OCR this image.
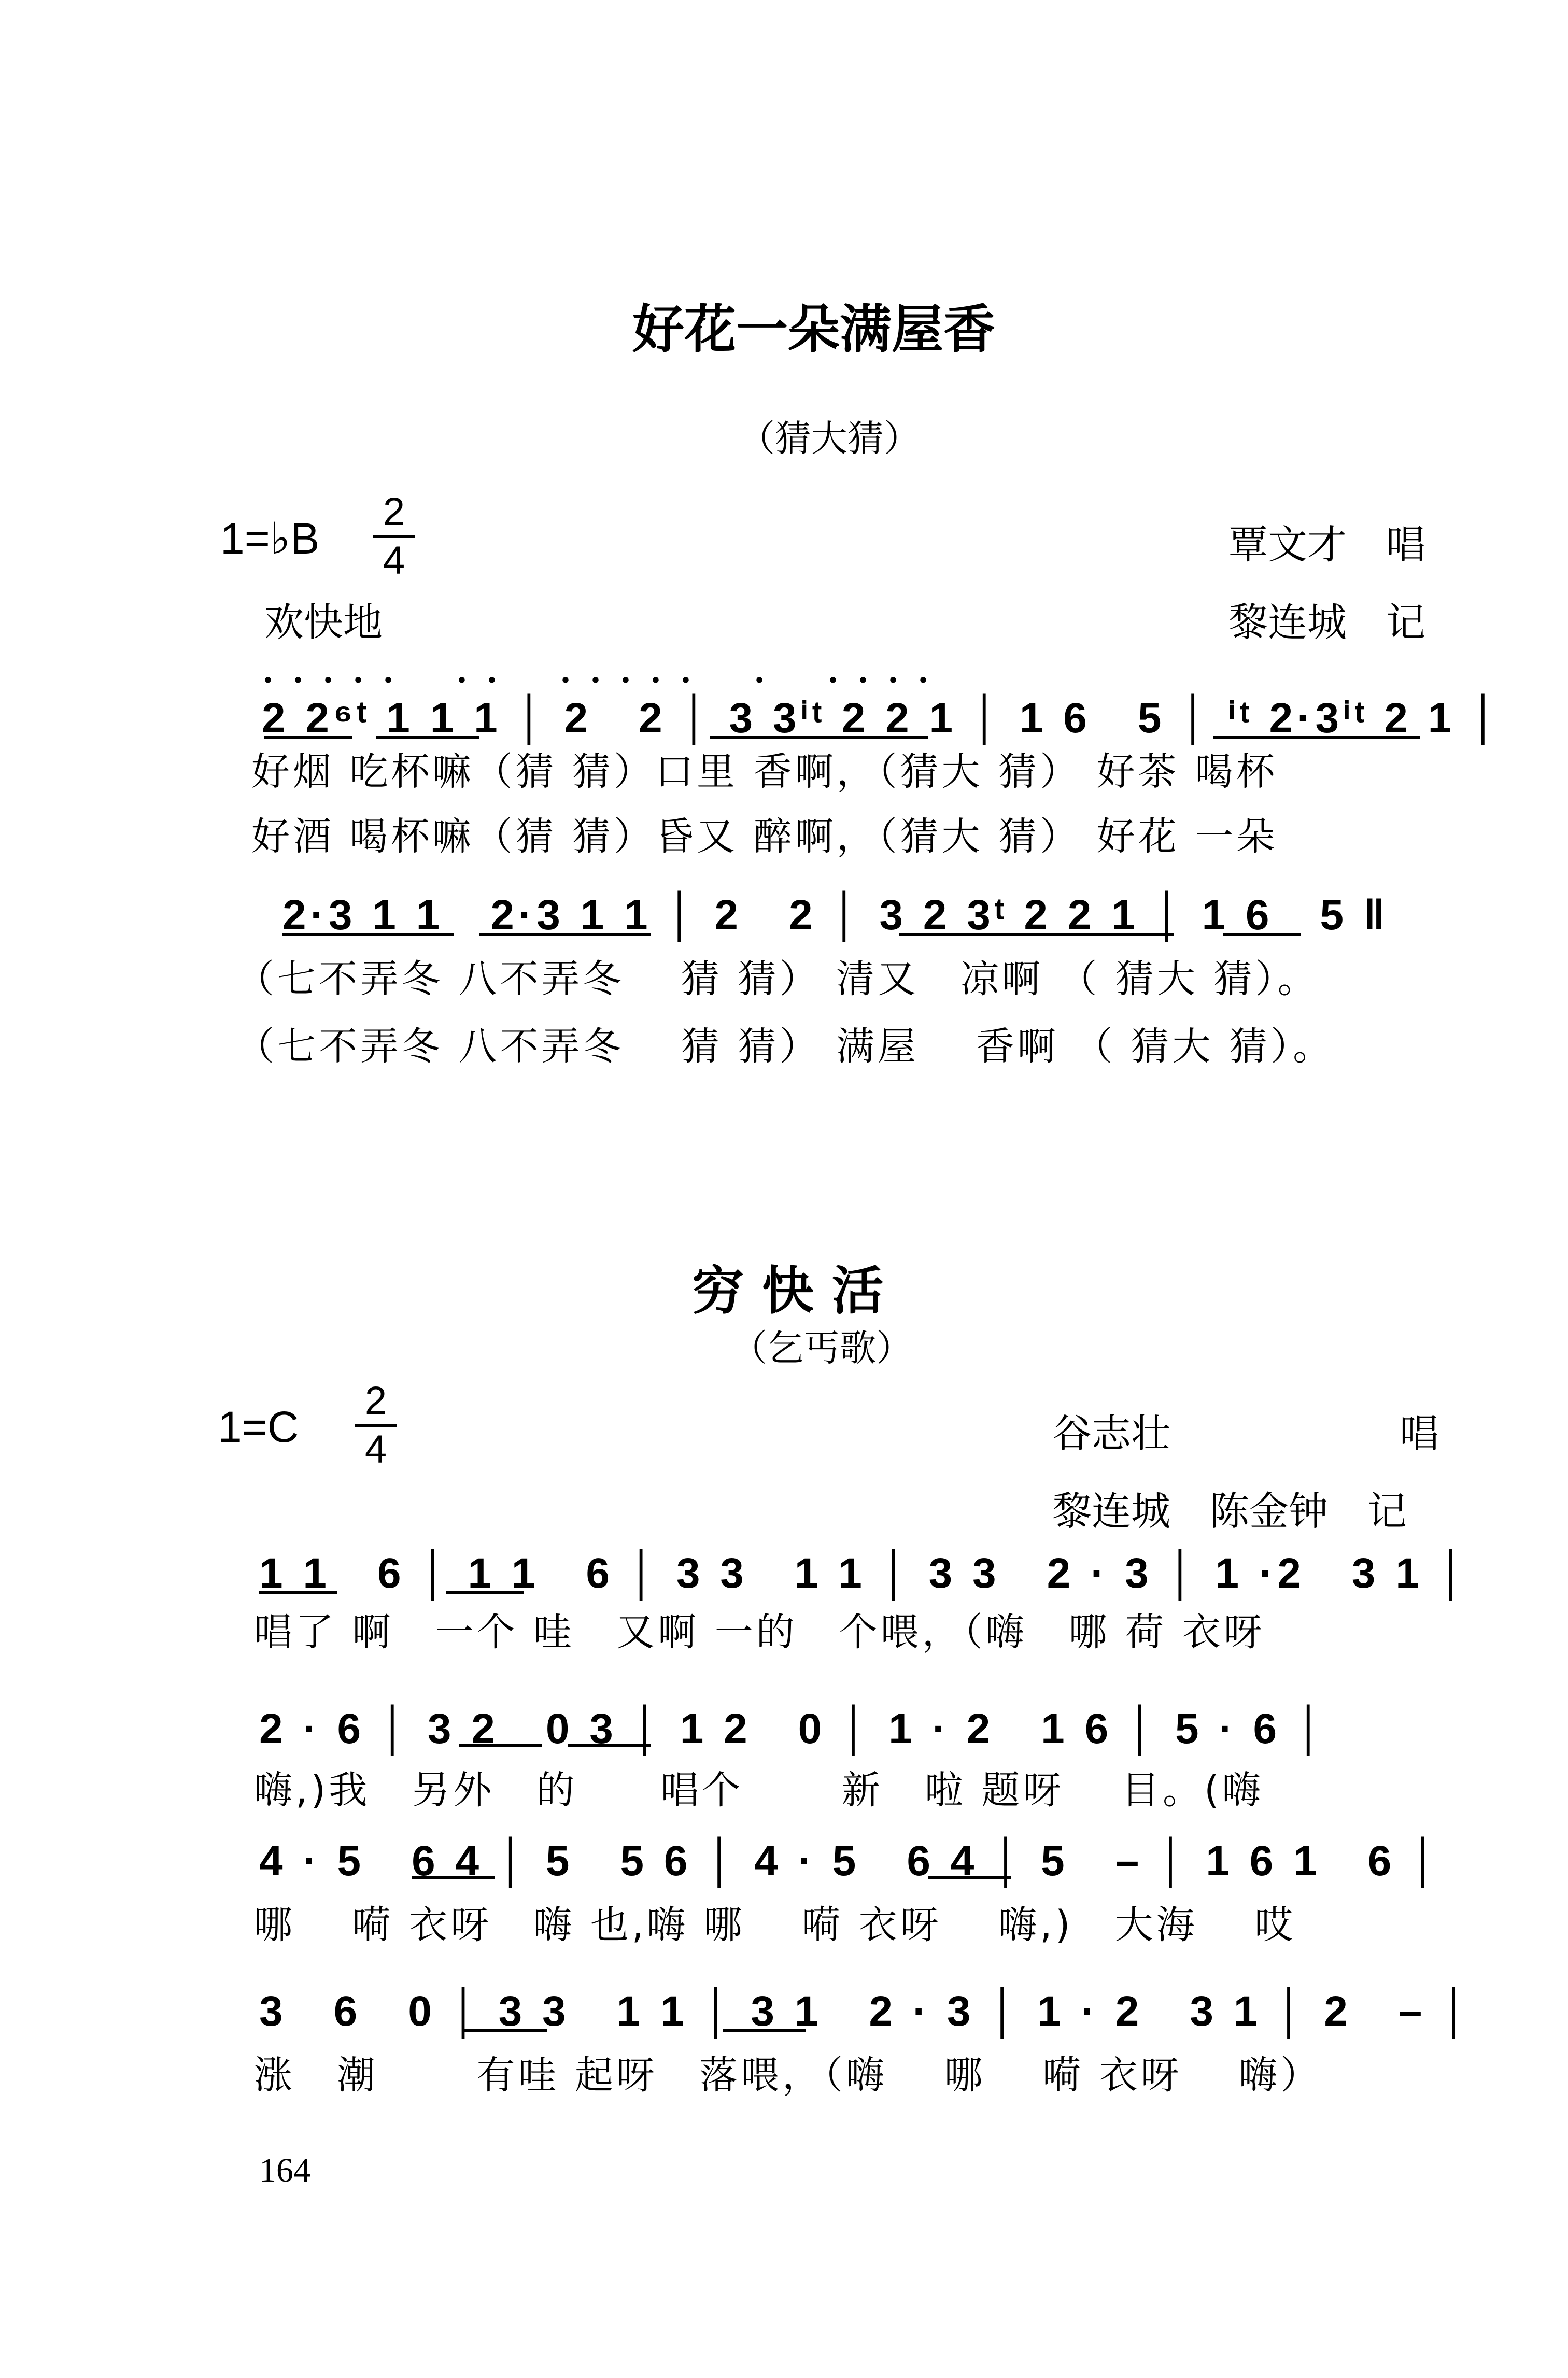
好花一朵满屋香
（猜大猜）
1=♭B
2
4	覃文才　唱
欢快地	黎连城　记
•••••　••　•••••　•　••••
2 2⁶ᵗ 1 1 1 │ 2　2 │ 3 3ⁱᵗ 2 2 1 │ 1 6　5 │ ⁱᵗ 2·3ⁱᵗ 2 1 │
好烟 吃杯嘛（猜 猜）口里 香啊，（猜大 猜） 好茶 喝杯
好酒 喝杯嘛（猜 猜）昏又 醉啊，（猜大 猜） 好花 一朵
2·3 1 1　2·3 1 1 │ 2　2 │ 3 2 3ᵗ 2 2 1 │ 1 6　5 ‖
（七不弄冬 八不弄冬　 猜 猜） 清又　凉啊 （ 猜大 猜）。
（七不弄冬 八不弄冬　 猜 猜） 满屋　 香啊 （ 猜大 猜）。
穷 快 活
（乞丐歌）
1=C
2
4	谷志壮	唱
黎连城　陈金钟　记
1 1　6 │ 1 1　6 │ 3 3　1 1 │ 3 3　2 · 3 │ 1 ·2　3 1 │
唱了 啊　一个 哇　又啊 一的　个喂，（嗨　哪 荷 衣呀
2 · 6 │ 3 2　0 3 │ 1 2　0 │ 1 · 2　1 6 │ 5 · 6 │
嗨,)我　另外　的　　唱个　　 新　啦 题呀　 目。(嗨
4 · 5　6 4 │ 5　5 6 │ 4 · 5　6 4 │ 5　– │ 1 6 1　6 │
哪　 嗬 衣呀　嗨 也,嗨 哪　 嗬 衣呀　 嗨,)　大海　 哎
3　6　0 │ 3 3　1 1 │ 3 1　2 · 3 │ 1 · 2　3 1 │ 2　– │
涨　潮　 　有哇 起呀　落喂，（嗨 　哪　 嗬 衣呀　 嗨）
164
